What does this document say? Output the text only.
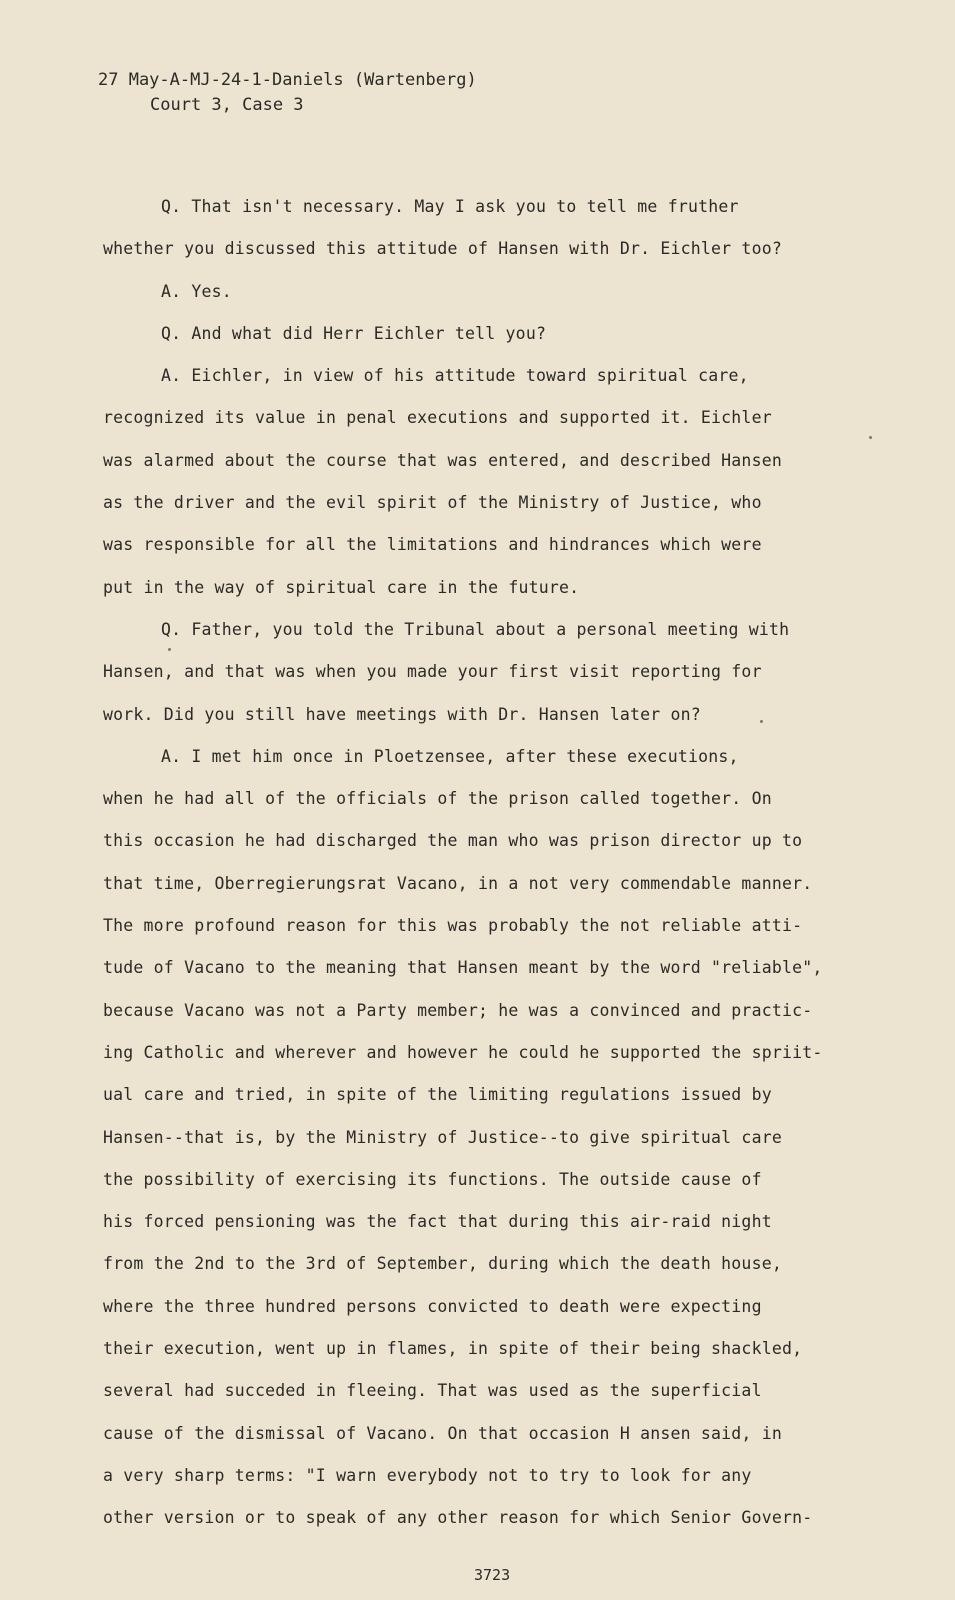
27 May-A-MJ-24-1-Daniels (Wartenberg)
Court 3, Case 3
Q. That isn't necessary. May I ask you to tell me fruther
whether you discussed this attitude of Hansen with Dr. Eichler too?
A. Yes.
Q. And what did Herr Eichler tell you?
A. Eichler, in view of his attitude toward spiritual care,
recognized its value in penal executions and supported it. Eichler
was alarmed about the course that was entered, and described Hansen
as the driver and the evil spirit of the Ministry of Justice, who
was responsible for all the limitations and hindrances which were
put in the way of spiritual care in the future.
Q. Father, you told the Tribunal about a personal meeting with
Hansen, and that was when you made your first visit reporting for
work. Did you still have meetings with Dr. Hansen later on?
A. I met him once in Ploetzensee, after these executions,
when he had all of the officials of the prison called together. On
this occasion he had discharged the man who was prison director up to
that time, Oberregierungsrat Vacano, in a not very commendable manner.
The more profound reason for this was probably the not reliable atti-
tude of Vacano to the meaning that Hansen meant by the word "reliable",
because Vacano was not a Party member; he was a convinced and practic-
ing Catholic and wherever and however he could he supported the spriit-
ual care and tried, in spite of the limiting regulations issued by
Hansen--that is, by the Ministry of Justice--to give spiritual care
the possibility of exercising its functions. The outside cause of
his forced pensioning was the fact that during this air-raid night
from the 2nd to the 3rd of September, during which the death house,
where the three hundred persons convicted to death were expecting
their execution, went up in flames, in spite of their being shackled,
several had succeded in fleeing. That was used as the superficial
cause of the dismissal of Vacano. On that occasion H ansen said, in
a very sharp terms: "I warn everybody not to try to look for any
other version or to speak of any other reason for which Senior Govern-
3723
